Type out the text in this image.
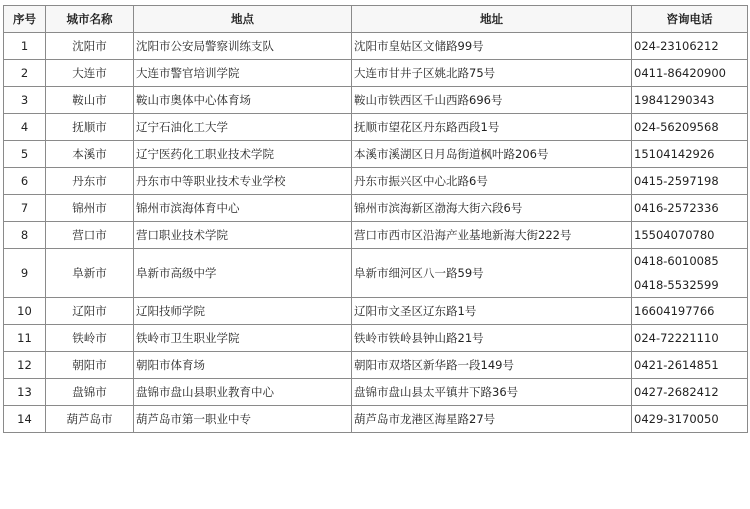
序号	城市名称	地点	地址	咨询电话
1	沈阳市	沈阳市公安局警察训练支队	沈阳市皇姑区文储路99号	024-23106212

2	大连市	大连市警官培训学院	大连市甘井子区姚北路75号	0411-86420900

3	鞍山市	鞍山市奥体中心体育场	鞍山市铁西区千山西路696号	19841290343

4	抚顺市	辽宁石油化工大学	抚顺市望花区丹东路西段1号	024-56209568

5	本溪市	辽宁医药化工职业技术学院	本溪市溪湖区日月岛街道枫叶路206号	15104142926

6	丹东市	丹东市中等职业技术专业学校	丹东市振兴区中心北路6号	0415-2597198

7	锦州市	锦州市滨海体育中心	锦州市滨海新区渤海大街六段6号	0416-2572336

8	营口市	营口职业技术学院	营口市西市区沿海产业基地新海大街222号	15504070780

9	阜新市	阜新市高级中学	阜新市细河区八一路59号	0418-6010085
0418-5532599

10	辽阳市	辽阳技师学院	辽阳市文圣区辽东路1号	16604197766

11	铁岭市	铁岭市卫生职业学院	铁岭市铁岭县钟山路21号	024-72221110

12	朝阳市	朝阳市体育场	朝阳市双塔区新华路一段149号	0421-2614851

13	盘锦市	盘锦市盘山县职业教育中心	盘锦市盘山县太平镇井下路36号	0427-2682412

14	葫芦岛市	葫芦岛市第一职业中专	葫芦岛市龙港区海星路27号	0429-3170050
